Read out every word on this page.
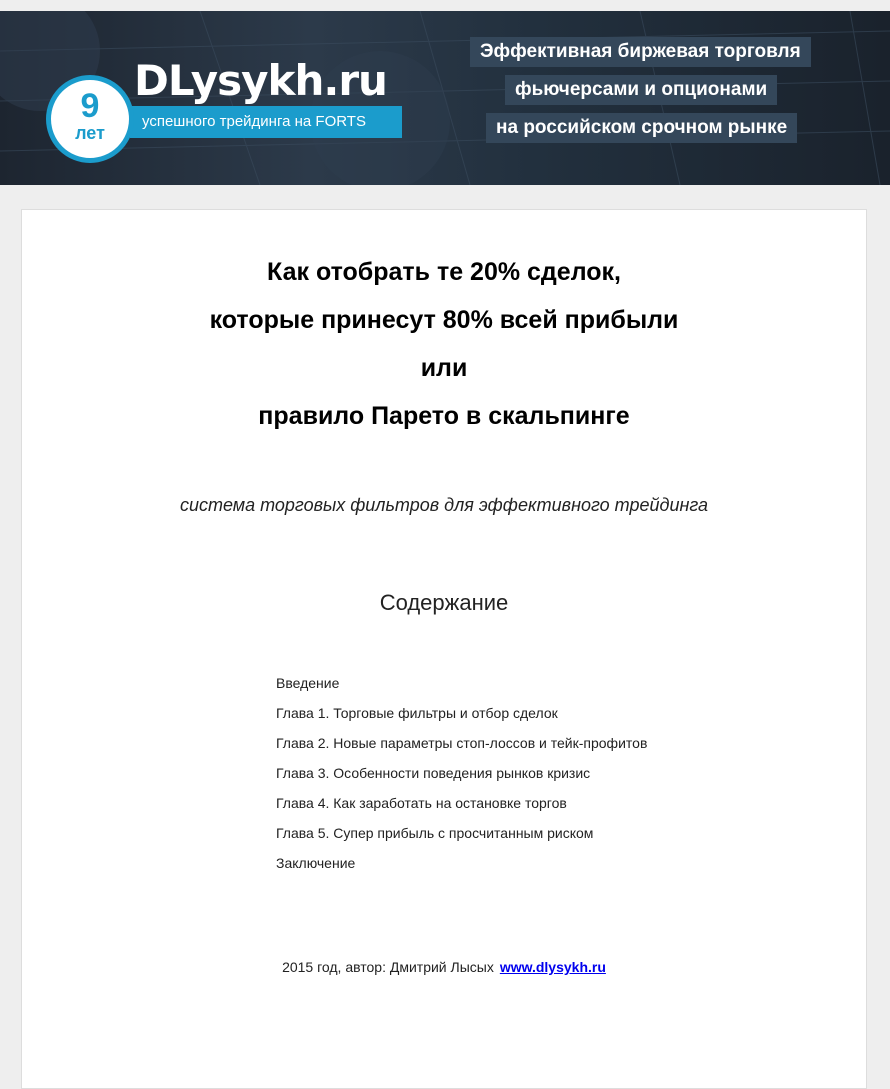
9
лет
DLysykh.ru
успешного трейдинга на FORTS
Эффективная биржевая торговля
фьючерсами и опционами
на российском срочном рынке
Как отобрать те 20% сделок,
которые принесут 80% всей прибыли
или
правило Парето в скальпинге
система торговых фильтров для эффективного трейдинга
Содержание
Введение
Глава 1. Торговые фильтры и отбор сделок
Глава 2. Новые параметры стоп-лоссов и тейк-профитов
Глава 3. Особенности поведения рынков кризис
Глава 4. Как заработать на остановке торгов
Глава 5. Супер прибыль с просчитанным риском
Заключение
2015 год, автор: Дмитрий Лысых www.dlysykh.ru
